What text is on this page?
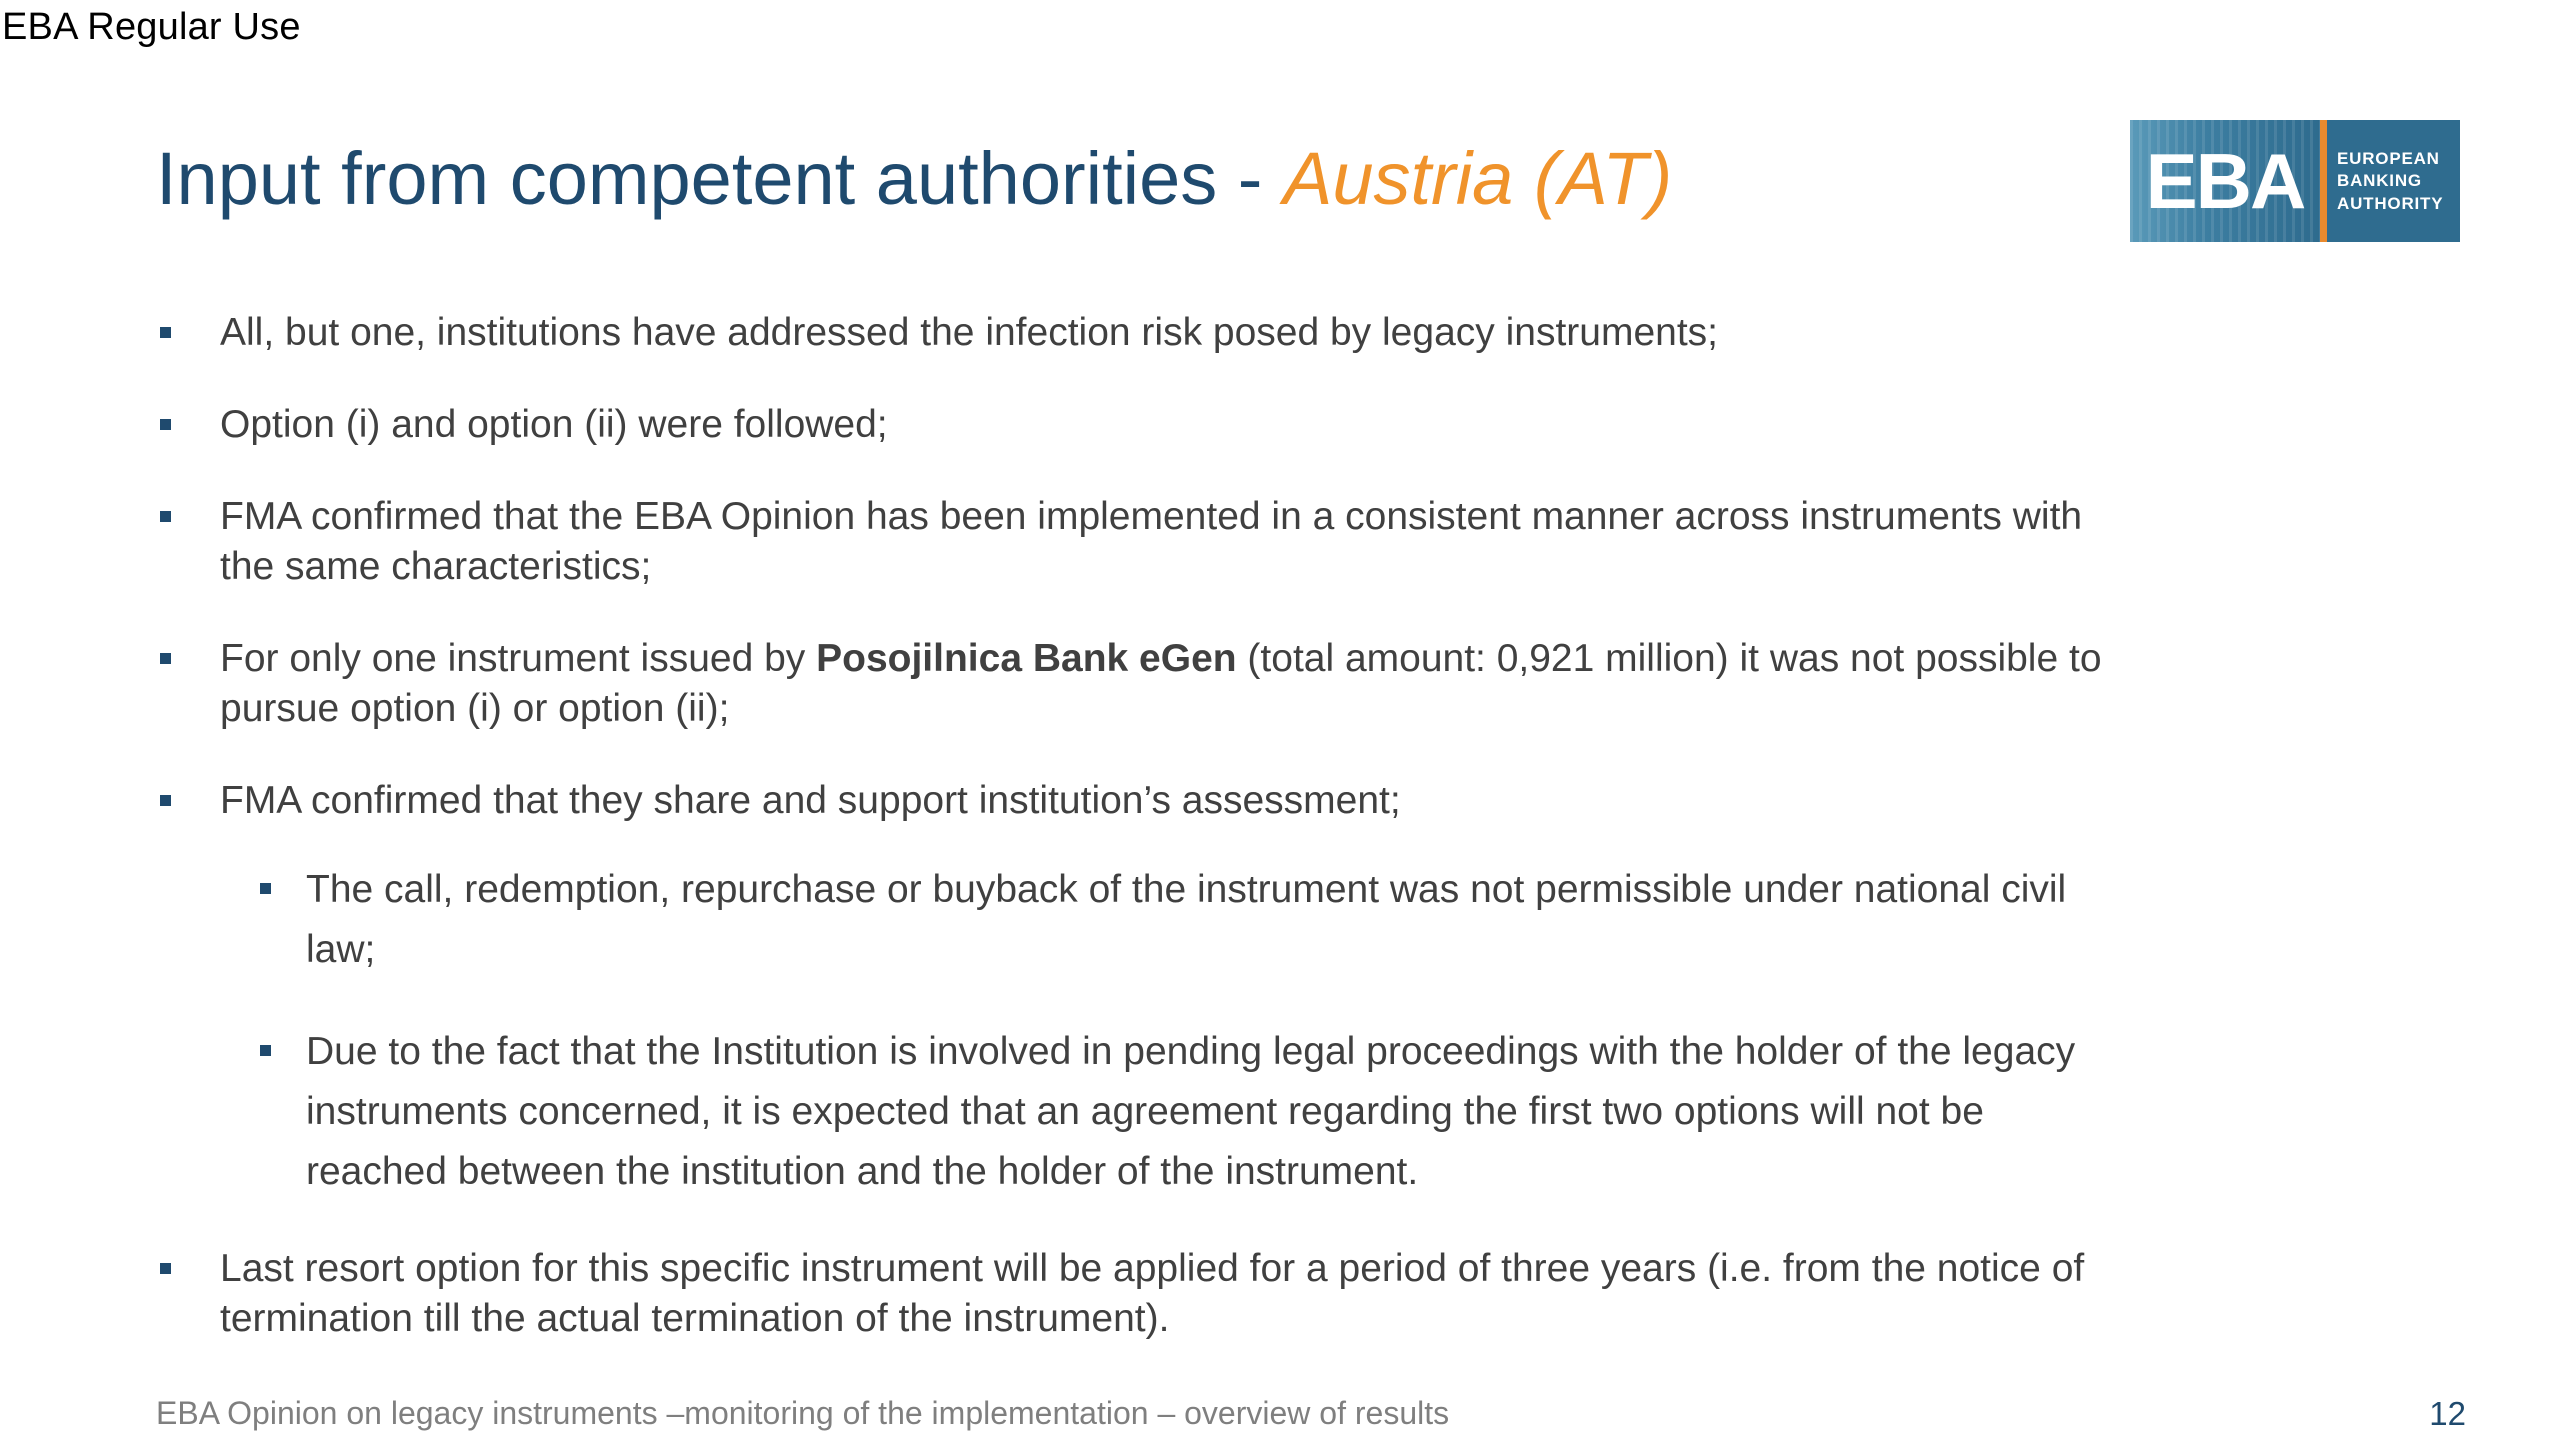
EBA Regular Use
Input from competent authorities - Austria (AT)	EBA EUROPEAN
BANKING
AUTHORITY
All, but one, institutions have addressed the infection risk posed by legacy instruments;
Option (i) and option (ii) were followed;
FMA confirmed that the EBA Opinion has been implemented in a consistent manner across instruments with the same characteristics;
For only one instrument issued by Posojilnica Bank eGen (total amount: 0,921 million) it was not possible to pursue option (i) or option (ii);
FMA confirmed that they share and support institution’s assessment;
The call, redemption, repurchase or buyback of the instrument was not permissible under national civil law;
Due to the fact that the Institution is involved in pending legal proceedings with the holder of the legacy instruments concerned, it is expected that an agreement regarding the first two options will not be reached between the institution and the holder of the instrument.
Last resort option for this specific instrument will be applied for a period of three years (i.e. from the notice of termination till the actual termination of the instrument).
EBA Opinion on legacy instruments –monitoring of the implementation – overview of results	12
